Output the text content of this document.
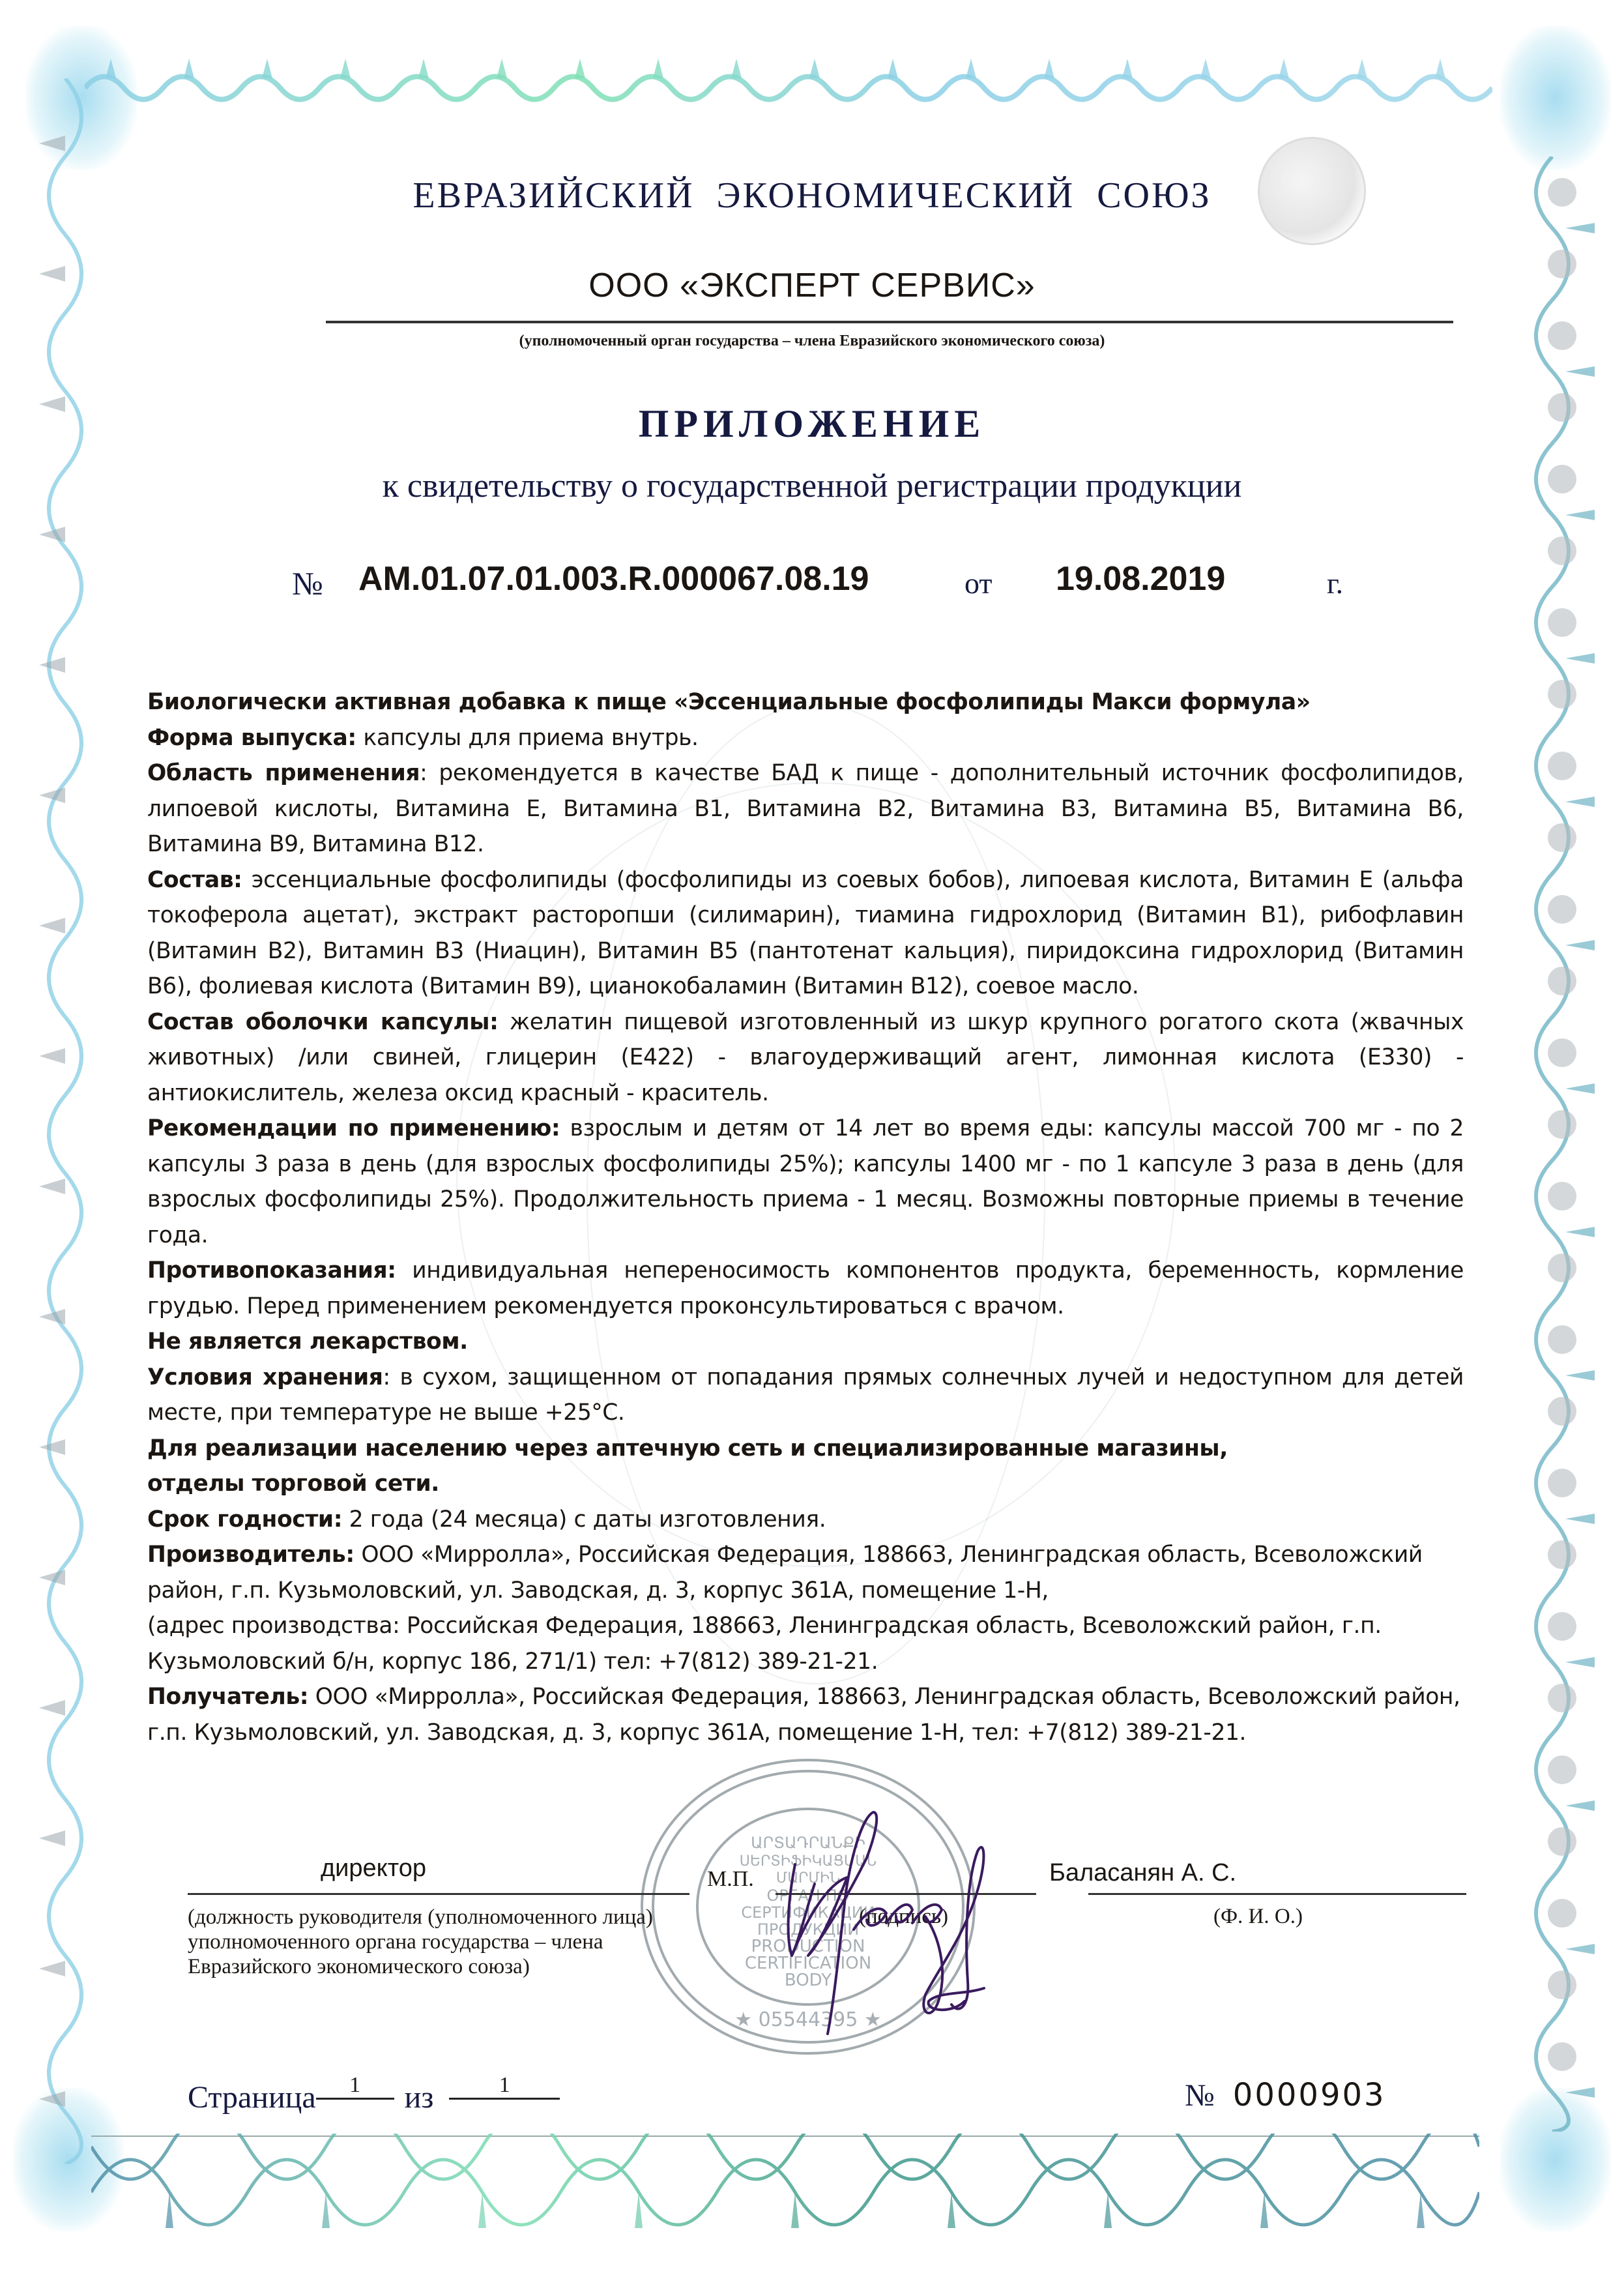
ЕВРАЗИЙСКИЙ  ЭКОНОМИЧЕСКИЙ  СОЮЗ
ООО «ЭКСПЕРТ СЕРВИС»
(уполномоченный орган государства – члена Евразийского экономического союза)
ПРИЛОЖЕНИЕ
к свидетельству о государственной регистрации продукции
№ AM.01.07.01.003.R.000067.08.19	от 19.08.2019	г.

Биологически активная добавка к пище «Эссенциальные фосфолипиды Макси формула»

Форма выпуска: капсулы для приема внутрь.

Область применения: рекомендуется в качестве БАД к пище - дополнительный источник фосфолипидов, липоевой кислоты, Витамина Е, Витамина В1, Витамина В2, Витамина В3, Витамина В5, Витамина В6, Витамина В9, Витамина В12.

Состав: эссенциальные фосфолипиды (фосфолипиды из соевых бобов), липоевая кислота, Витамин Е (альфа токоферола ацетат), экстракт расторопши (силимарин), тиамина гидрохлорид (Витамин В1), рибофлавин (Витамин В2), Витамин В3 (Ниацин), Витамин В5 (пантотенат кальция), пиридоксина гидрохлорид (Витамин В6), фолиевая кислота (Витамин В9), цианокобаламин (Витамин В12), соевое масло.

Состав оболочки капсулы: желатин пищевой изготовленный из шкур крупного рогатого скота (жвачных животных) /или свиней, глицерин (Е422) - влагоудерживащий агент, лимонная кислота (Е330) - антиокислитель, железа оксид красный - краситель.

Рекомендации по применению: взрослым и детям от 14 лет во время еды: капсулы массой 700 мг - по 2 капсулы 3 раза в день (для взрослых фосфолипиды 25%); капсулы 1400 мг - по 1 капсуле 3 раза в день (для взрослых фосфолипиды 25%). Продолжительность приема - 1 месяц. Возможны повторные приемы в течение года.

Противопоказания: индивидуальная непереносимость компонентов продукта, беременность, кормление грудью. Перед применением рекомендуется проконсультироваться с врачом.

Не является лекарством.

Условия хранения: в сухом, защищенном от попадания прямых солнечных лучей и недоступном для детей месте, при температуре не выше +25°С.

Для реализации населению через аптечную сеть и специализированные магазины,

отделы торговой сети.

Срок годности: 2 года (24 месяца) с даты изготовления.

Производитель: ООО «Мирролла», Российская Федерация, 188663, Ленинградская область, Всеволожский район, г.п. Кузьмоловский, ул. Заводская, д. 3, корпус 361А, помещение 1-Н,

(адрес производства: Российская Федерация, 188663, Ленинградская область, Всеволожский район, г.п. Кузьмоловский б/н, корпус 186, 271/1) тел: +7(812) 389-21-21.

Получатель: ООО «Мирролла», Российская Федерация, 188663, Ленинградская область, Всеволожский район, г.п. Кузьмоловский, ул. Заводская, д. 3, корпус 361А, помещение 1-Н, тел: +7(812) 389-21-21.

ԱՐՏԱԴՐԱՆՔԻ
ՍԵՐՏԻՖԻԿԱՑՄԱՆ
ՄԱՐՄԻՆ
ОРГАН ПО
СЕРТИФИКАЦИИ
ПРОДУКЦИИ
PRODUCTION
CERTIFICATION
BODY
★ 05544395 ★
директор	М.П.	Баласанян А. С.
(должность руководителя (уполномоченного лица) уполномоченного органа государства – члена Евразийского экономического союза)
(подпись)	(Ф. И. О.)
Страница 1 из	1	№ 0000903
